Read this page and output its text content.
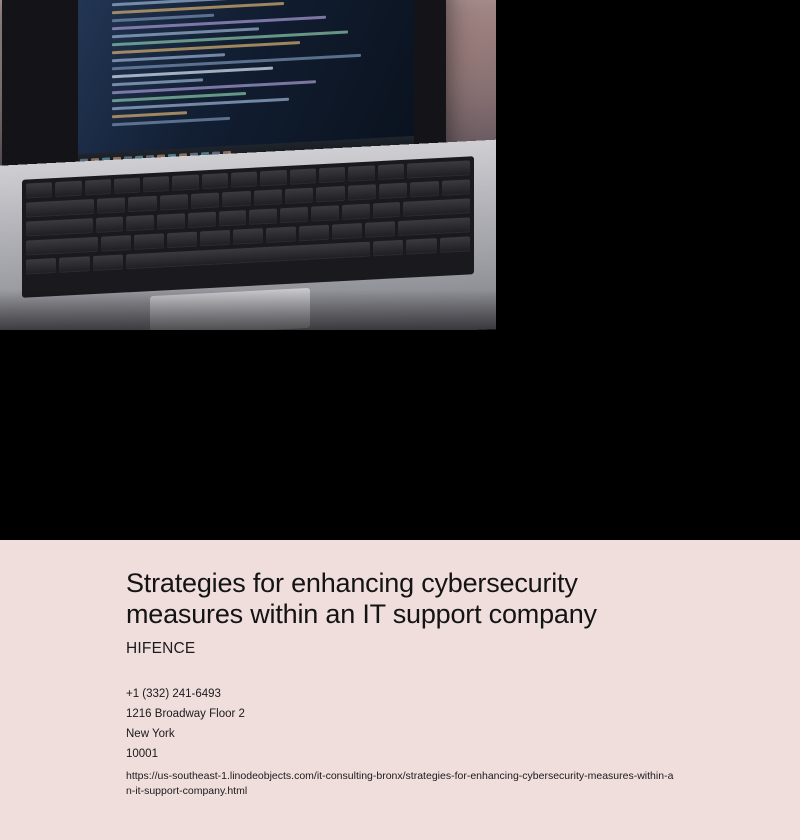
Strategies for enhancing cybersecurity measures within an IT support company
HIFENCE
+1 (332) 241-6493
1216 Broadway Floor 2
New York
10001
https://us-southeast-1.linodeobjects.com/it-consulting-bronx/strategies-for-enhancing-cybersecurity-measures-within-an-it-support-company.html
